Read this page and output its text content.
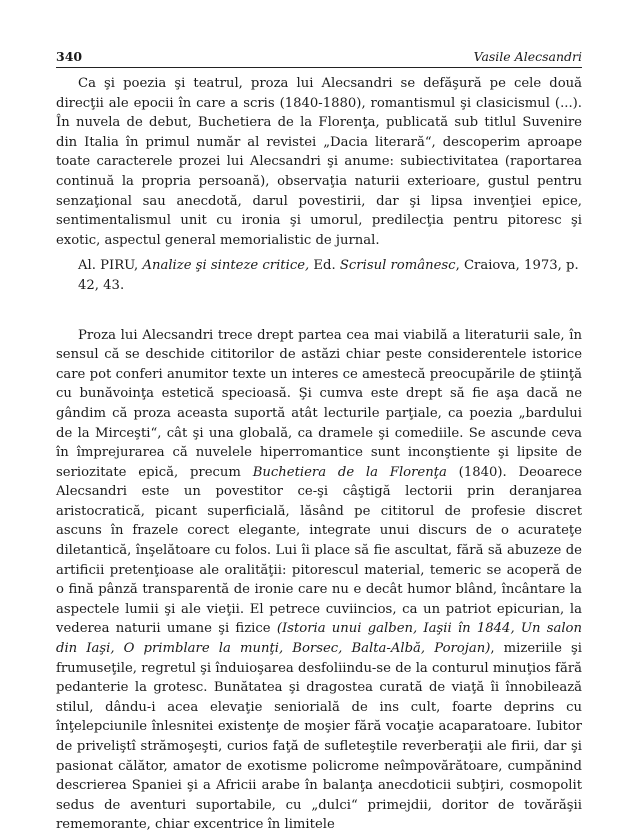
340	Vasile Alecsandri

Ca şi poezia şi teatrul, proza lui Alecsandri se defăşură pe cele două direcţii ale epocii în care a scris (1840-1880), romantismul şi clasicismul (...). În nuvela de debut, Buchetiera de la Florenţa, publicată sub titlul Suvenire din Italia în primul număr al revistei „Dacia literară“, descoperim aproape toate caracterele prozei lui Alecsandri şi anume: subiectivitatea (raportarea continuă la propria persoană), observaţia naturii exterioare, gustul pentru senzaţional sau anecdotă, darul povestirii, dar şi lipsa invenţiei epice, sentimentalismul unit cu ironia şi umorul, predilecţia pentru pitoresc şi exotic, aspectul general memorialistic de jurnal.

Al. PIRU, Analize şi sinteze critice, Ed. Scrisul românesc, Craiova, 1973, p. 42, 43.

Proza lui Alecsandri trece drept partea cea mai viabilă a literaturii sale, în sensul că se deschide cititorilor de astăzi chiar peste considerentele istorice care pot conferi anumitor texte un interes ce amestecă preocupările de ştiinţă cu bunăvoinţa estetică specioasă. Şi cumva este drept să fie aşa dacă ne gândim că proza aceasta suportă atât lecturile parţiale, ca poezia „bardului de la Mirceşti“, cât şi una globală, ca dramele şi comediile. Se ascunde ceva în împrejurarea că nuvelele hiperromantice sunt inconştiente şi lipsite de seriozitate epică, precum Buchetiera de la Florenţa (1840). Deoarece Alecsandri este un povestitor ce-şi câştigă lectorii prin deranjarea aristocratică, picant superficială, lăsând pe cititorul de profesie discret ascuns în frazele corect elegante, integrate unui discurs de o acurateţe diletantică, înşelătoare cu folos. Lui îi place să fie ascultat, fără să abuzeze de artificii pretenţioase ale oralităţii: pitorescul material, temeric se acoperă de o fină pânză transparentă de ironie care nu e decât humor blând, încântare la aspectele lumii şi ale vieţii. El petrece cuviincios, ca un patriot epicurian, la vederea naturii umane şi fizice (Istoria unui galben, Iaşii în 1844, Un salon din Iaşi, O primblare la munţi, Borsec, Balta-Albă, Porojan), mizeriile şi frumuseţile, regretul şi înduioşarea desfoliindu-se de la conturul minuţios fără pedanterie la grotesc. Bunătatea şi dragostea curată de viaţă îi înnobilează stilul, dându-i acea elevaţie seniorială de ins cult, foarte deprins cu înţelepciunile înlesnitei existenţe de moşier fără vocaţie acaparatoare. Iubitor de priveliştî strămoşeşti, curios faţă de sufleteştile reverberaţii ale firii, dar şi pasionat călător, amator de exotisme policrome neîmpovărătoare, cumpănind descrierea Spaniei şi a Africii arabe în balanţa anecdoticii subţiri, cosmopolit sedus de aventuri suportabile, cu „dulci“ primejdii, doritor de tovărăşii rememorante, chiar excentrice în limitele
